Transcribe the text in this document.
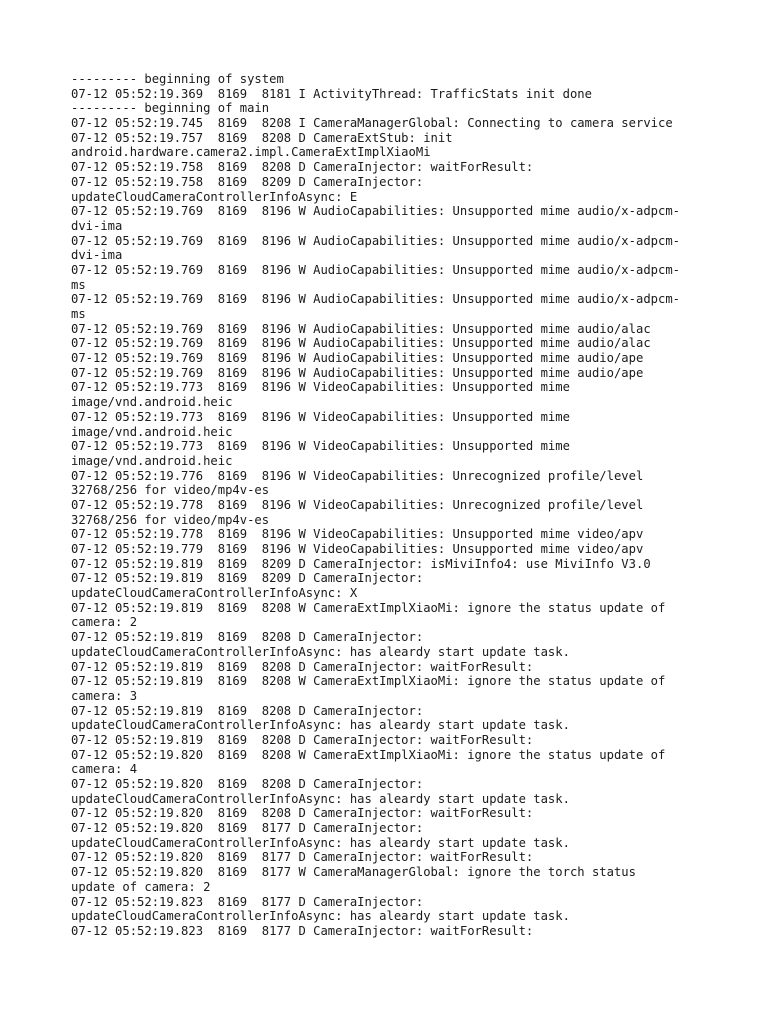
--------- beginning of system
07-12 05:52:19.369  8169  8181 I ActivityThread: TrafficStats init done
--------- beginning of main
07-12 05:52:19.745  8169  8208 I CameraManagerGlobal: Connecting to camera service
07-12 05:52:19.757  8169  8208 D CameraExtStub: init
android.hardware.camera2.impl.CameraExtImplXiaoMi
07-12 05:52:19.758  8169  8208 D CameraInjector: waitForResult:
07-12 05:52:19.758  8169  8209 D CameraInjector:
updateCloudCameraControllerInfoAsync: E
07-12 05:52:19.769  8169  8196 W AudioCapabilities: Unsupported mime audio/x-adpcm-
dvi-ima
07-12 05:52:19.769  8169  8196 W AudioCapabilities: Unsupported mime audio/x-adpcm-
dvi-ima
07-12 05:52:19.769  8169  8196 W AudioCapabilities: Unsupported mime audio/x-adpcm-
ms
07-12 05:52:19.769  8169  8196 W AudioCapabilities: Unsupported mime audio/x-adpcm-
ms
07-12 05:52:19.769  8169  8196 W AudioCapabilities: Unsupported mime audio/alac
07-12 05:52:19.769  8169  8196 W AudioCapabilities: Unsupported mime audio/alac
07-12 05:52:19.769  8169  8196 W AudioCapabilities: Unsupported mime audio/ape
07-12 05:52:19.769  8169  8196 W AudioCapabilities: Unsupported mime audio/ape
07-12 05:52:19.773  8169  8196 W VideoCapabilities: Unsupported mime
image/vnd.android.heic
07-12 05:52:19.773  8169  8196 W VideoCapabilities: Unsupported mime
image/vnd.android.heic
07-12 05:52:19.773  8169  8196 W VideoCapabilities: Unsupported mime
image/vnd.android.heic
07-12 05:52:19.776  8169  8196 W VideoCapabilities: Unrecognized profile/level
32768/256 for video/mp4v-es
07-12 05:52:19.778  8169  8196 W VideoCapabilities: Unrecognized profile/level
32768/256 for video/mp4v-es
07-12 05:52:19.778  8169  8196 W VideoCapabilities: Unsupported mime video/apv
07-12 05:52:19.779  8169  8196 W VideoCapabilities: Unsupported mime video/apv
07-12 05:52:19.819  8169  8209 D CameraInjector: isMiviInfo4: use MiviInfo V3.0
07-12 05:52:19.819  8169  8209 D CameraInjector:
updateCloudCameraControllerInfoAsync: X
07-12 05:52:19.819  8169  8208 W CameraExtImplXiaoMi: ignore the status update of
camera: 2
07-12 05:52:19.819  8169  8208 D CameraInjector:
updateCloudCameraControllerInfoAsync: has aleardy start update task.
07-12 05:52:19.819  8169  8208 D CameraInjector: waitForResult:
07-12 05:52:19.819  8169  8208 W CameraExtImplXiaoMi: ignore the status update of
camera: 3
07-12 05:52:19.819  8169  8208 D CameraInjector:
updateCloudCameraControllerInfoAsync: has aleardy start update task.
07-12 05:52:19.819  8169  8208 D CameraInjector: waitForResult:
07-12 05:52:19.820  8169  8208 W CameraExtImplXiaoMi: ignore the status update of
camera: 4
07-12 05:52:19.820  8169  8208 D CameraInjector:
updateCloudCameraControllerInfoAsync: has aleardy start update task.
07-12 05:52:19.820  8169  8208 D CameraInjector: waitForResult:
07-12 05:52:19.820  8169  8177 D CameraInjector:
updateCloudCameraControllerInfoAsync: has aleardy start update task.
07-12 05:52:19.820  8169  8177 D CameraInjector: waitForResult:
07-12 05:52:19.820  8169  8177 W CameraManagerGlobal: ignore the torch status
update of camera: 2
07-12 05:52:19.823  8169  8177 D CameraInjector:
updateCloudCameraControllerInfoAsync: has aleardy start update task.
07-12 05:52:19.823  8169  8177 D CameraInjector: waitForResult:
